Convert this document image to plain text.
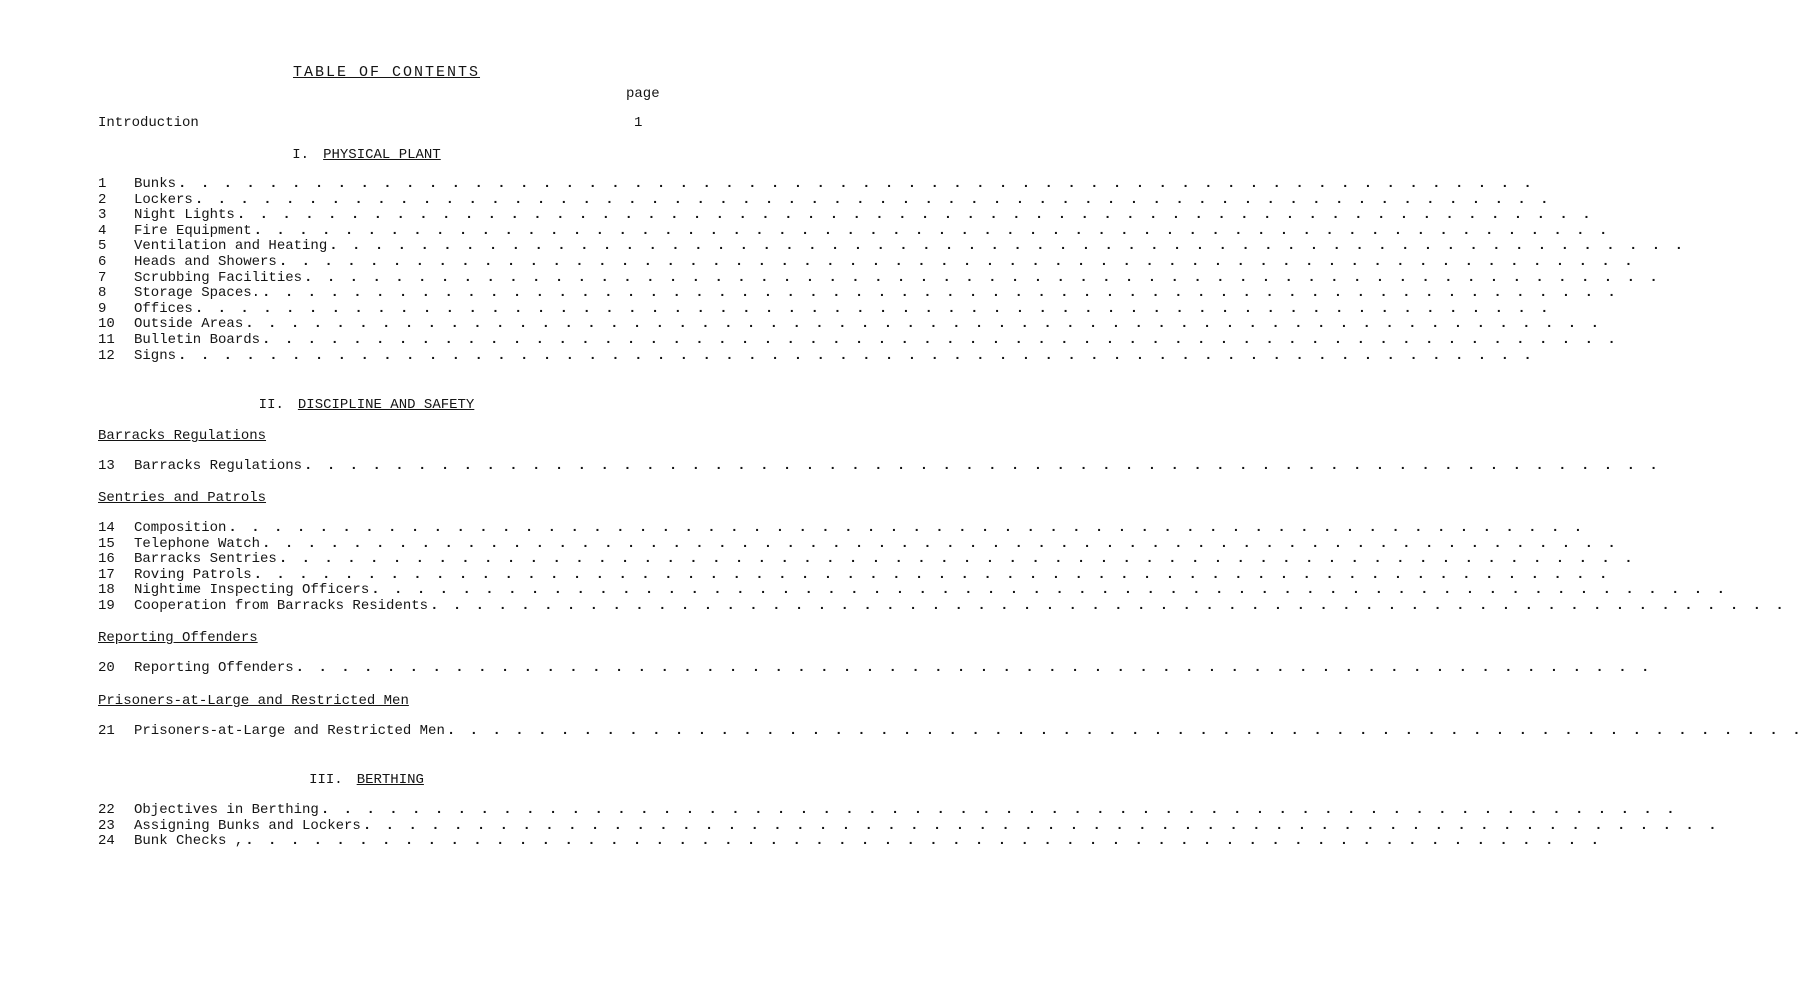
TABLE OF CONTENTS
page
Introduction	1
I. PHYSICAL PLANT
1	Bunks . . . . . . . . . . . . . . . . . . . . . . . . . . . . . . . . . . . . . . . . . . . . . . . . . . . . . . . . . . . .
2	Lockers . . . . . . . . . . . . . . . . . . . . . . . . . . . . . . . . . . . . . . . . . . . . . . . . . . . . . . . . . . . .
3	Night Lights . . . . . . . . . . . . . . . . . . . . . . . . . . . . . . . . . . . . . . . . . . . . . . . . . . . . . . . . . . . .
4	Fire Equipment . . . . . . . . . . . . . . . . . . . . . . . . . . . . . . . . . . . . . . . . . . . . . . . . . . . . . . . . . . . .
5	Ventilation and Heating . . . . . . . . . . . . . . . . . . . . . . . . . . . . . . . . . . . . . . . . . . . . . . . . . . . . . . . . . . . .
6	Heads and Showers . . . . . . . . . . . . . . . . . . . . . . . . . . . . . . . . . . . . . . . . . . . . . . . . . . . . . . . . . . . .
7	Scrubbing Facilities . . . . . . . . . . . . . . . . . . . . . . . . . . . . . . . . . . . . . . . . . . . . . . . . . . . . . . . . . . . .
8	Storage Spaces. . . . . . . . . . . . . . . . . . . . . . . . . . . . . . . . . . . . . . . . . . . . . . . . . . . . . . . . . . . . .
9	Offices . . . . . . . . . . . . . . . . . . . . . . . . . . . . . . . . . . . . . . . . . . . . . . . . . . . . . . . . . . . .
10	Outside Areas . . . . . . . . . . . . . . . . . . . . . . . . . . . . . . . . . . . . . . . . . . . . . . . . . . . . . . . . . . . .
11	Bulletin Boards . . . . . . . . . . . . . . . . . . . . . . . . . . . . . . . . . . . . . . . . . . . . . . . . . . . . . . . . . . . .
12	Signs . . . . . . . . . . . . . . . . . . . . . . . . . . . . . . . . . . . . . . . . . . . . . . . . . . . . . . . . . . . .
II. DISCIPLINE AND SAFETY
Barracks Regulations
13	Barracks Regulations . . . . . . . . . . . . . . . . . . . . . . . . . . . . . . . . . . . . . . . . . . . . . . . . . . . . . . . . . . . .
Sentries and Patrols
14	Composition . . . . . . . . . . . . . . . . . . . . . . . . . . . . . . . . . . . . . . . . . . . . . . . . . . . . . . . . . . . .
15	Telephone Watch . . . . . . . . . . . . . . . . . . . . . . . . . . . . . . . . . . . . . . . . . . . . . . . . . . . . . . . . . . . .
16	Barracks Sentries . . . . . . . . . . . . . . . . . . . . . . . . . . . . . . . . . . . . . . . . . . . . . . . . . . . . . . . . . . . .
17	Roving Patrols . . . . . . . . . . . . . . . . . . . . . . . . . . . . . . . . . . . . . . . . . . . . . . . . . . . . . . . . . . . .
18	Nightime Inspecting Officers . . . . . . . . . . . . . . . . . . . . . . . . . . . . . . . . . . . . . . . . . . . . . . . . . . . . . . . . . . . .
19	Cooperation from Barracks Residents . . . . . . . . . . . . . . . . . . . . . . . . . . . . . . . . . . . . . . . . . . . . . . . . . . . . . . . . . . . .
Reporting Offenders
20	Reporting Offenders . . . . . . . . . . . . . . . . . . . . . . . . . . . . . . . . . . . . . . . . . . . . . . . . . . . . . . . . . . . .
Prisoners-at-Large and Restricted Men
21	Prisoners-at-Large and Restricted Men . . . . . . . . . . . . . . . . . . . . . . . . . . . . . . . . . . . . . . . . . . . . . . . . . . . . . . . . . . . .
III. BERTHING
22	Objectives in Berthing . . . . . . . . . . . . . . . . . . . . . . . . . . . . . . . . . . . . . . . . . . . . . . . . . . . . . . . . . . . .
23	Assigning Bunks and Lockers . . . . . . . . . . . . . . . . . . . . . . . . . . . . . . . . . . . . . . . . . . . . . . . . . . . . . . . . . . . .
24	Bunk Checks , . . . . . . . . . . . . . . . . . . . . . . . . . . . . . . . . . . . . . . . . . . . . . . . . . . . . . . . . . . . .
